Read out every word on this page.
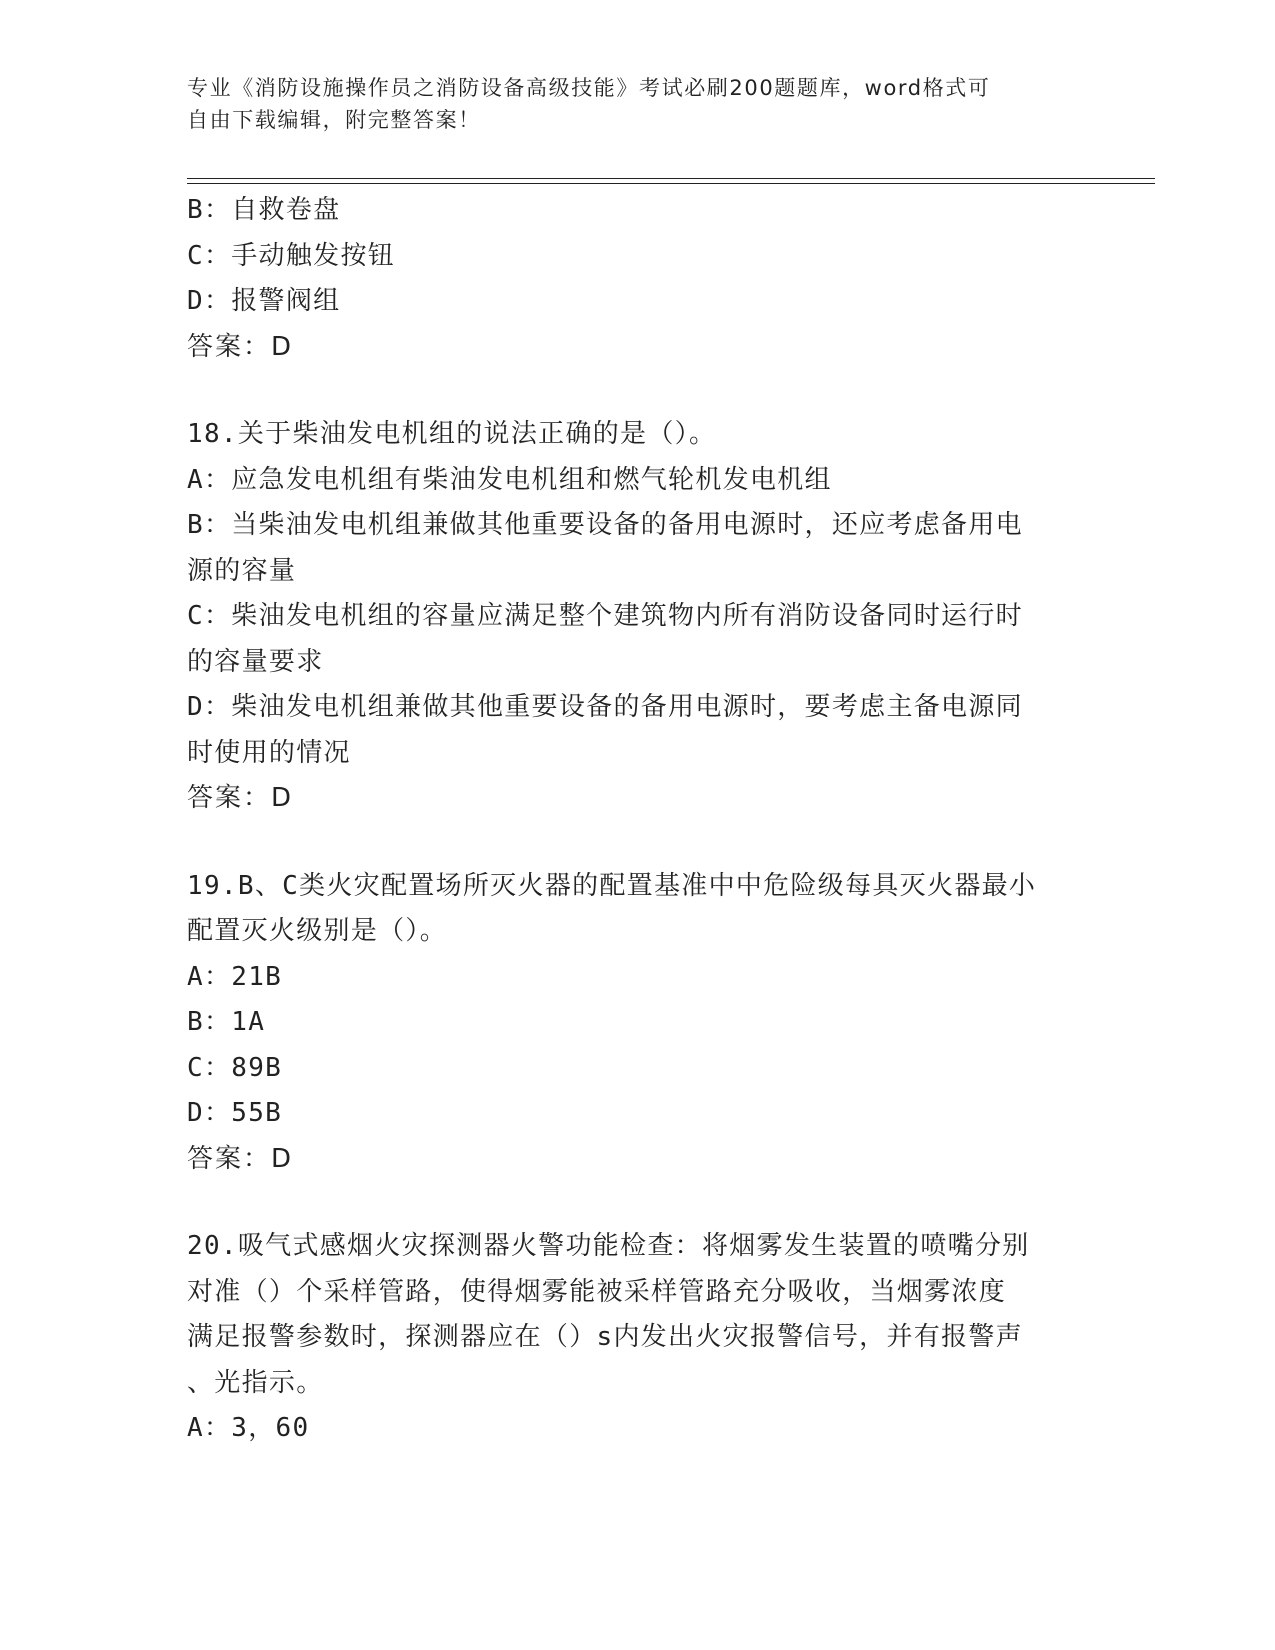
专业《消防设施操作员之消防设备高级技能》考试必刷200题题库，word格式可
自由下载编辑，附完整答案！
B：自救卷盘
C：手动触发按钮
D：报警阀组
答案：D
18.关于柴油发电机组的说法正确的是（）。
A：应急发电机组有柴油发电机组和燃气轮机发电机组
B：当柴油发电机组兼做其他重要设备的备用电源时，还应考虑备用电
源的容量
C：柴油发电机组的容量应满足整个建筑物内所有消防设备同时运行时
的容量要求
D：柴油发电机组兼做其他重要设备的备用电源时，要考虑主备电源同
时使用的情况
答案：D
19.B、C类火灾配置场所灭火器的配置基准中中危险级每具灭火器最小
配置灭火级别是（）。
A：21B
B：1A
C：89B
D：55B
答案：D
20.吸气式感烟火灾探测器火警功能检查：将烟雾发生装置的喷嘴分别
对准（）个采样管路，使得烟雾能被采样管路充分吸收，当烟雾浓度
满足报警参数时，探测器应在（）s内发出火灾报警信号，并有报警声
、光指示。
A：3，60
